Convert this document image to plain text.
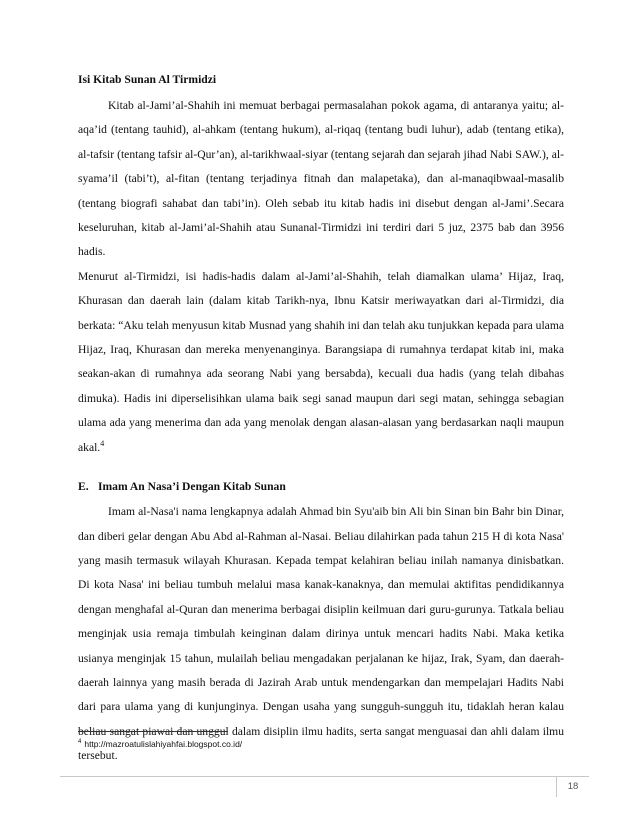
Isi Kitab Sunan Al Tirmidzi

Kitab al-Jami’al-Shahih ini memuat berbagai permasalahan pokok agama, di antaranya yaitu; al-aqa’id (tentang tauhid), al-ahkam (tentang hukum), al-riqaq (tentang budi luhur), adab (tentang etika), al-tafsir (tentang tafsir al-Qur’an), al-tarikhwaal-siyar (tentang sejarah dan sejarah jihad Nabi SAW.), al-syama’il (tabi’t), al-fitan (tentang terjadinya fitnah dan malapetaka), dan al-manaqibwaal-masalib (tentang biografi sahabat dan tabi’in). Oleh sebab itu kitab hadis ini disebut dengan al-Jami’.Secara keseluruhan, kitab al-Jami’al-Shahih atau Sunanal-Tirmidzi ini terdiri dari 5 juz, 2375 bab dan 3956 hadis.

Menurut al-Tirmidzi, isi hadis-hadis dalam al-Jami’al-Shahih, telah diamalkan ulama’ Hijaz, Iraq, Khurasan dan daerah lain (dalam kitab Tarikh-nya, Ibnu Katsir meriwayatkan dari al-Tirmidzi, dia berkata: “Aku telah menyusun kitab Musnad yang shahih ini dan telah aku tunjukkan kepada para ulama Hijaz, Iraq, Khurasan dan mereka menyenanginya. Barangsiapa di rumahnya terdapat kitab ini, maka seakan-akan di rumahnya ada seorang Nabi yang bersabda), kecuali dua hadis (yang telah dibahas dimuka). Hadis ini diperselisihkan ulama baik segi sanad maupun dari segi matan, sehingga sebagian ulama ada yang menerima dan ada yang menolak dengan alasan-alasan yang berdasarkan naqli maupun akal.$^4$

E. Imam An Nasa’i Dengan Kitab Sunan

Imam al-Nasa'i nama lengkapnya adalah Ahmad bin Syu'aib bin Ali bin Sinan bin Bahr bin Dinar, dan diberi gelar dengan Abu Abd al-Rahman al-Nasai. Beliau dilahirkan pada tahun 215 H di kota Nasa' yang masih termasuk wilayah Khurasan. Kepada tempat kelahiran beliau inilah namanya dinisbatkan. Di kota Nasa' ini beliau tumbuh melalui masa kanak-kanaknya, dan memulai aktifitas pendidikannya dengan menghafal al-Quran dan menerima berbagai disiplin keilmuan dari guru-gurunya. Tatkala beliau menginjak usia remaja timbulah keinginan dalam dirinya untuk mencari hadits Nabi. Maka ketika usianya menginjak 15 tahun, mulailah beliau mengadakan perjalanan ke hijaz, Irak, Syam, dan daerah-daerah lainnya yang masih berada di Jazirah Arab untuk mendengarkan dan mempelajari Hadits Nabi dari para ulama yang di kunjunginya. Dengan usaha yang sungguh-sungguh itu, tidaklah heran kalau beliau sangat piawai dan unggul dalam disiplin ilmu hadits, serta sangat menguasai dan ahli dalam ilmu tersebut.

$^4$ http://mazroatulislahiyahfai.blogspot.co.id/
18
